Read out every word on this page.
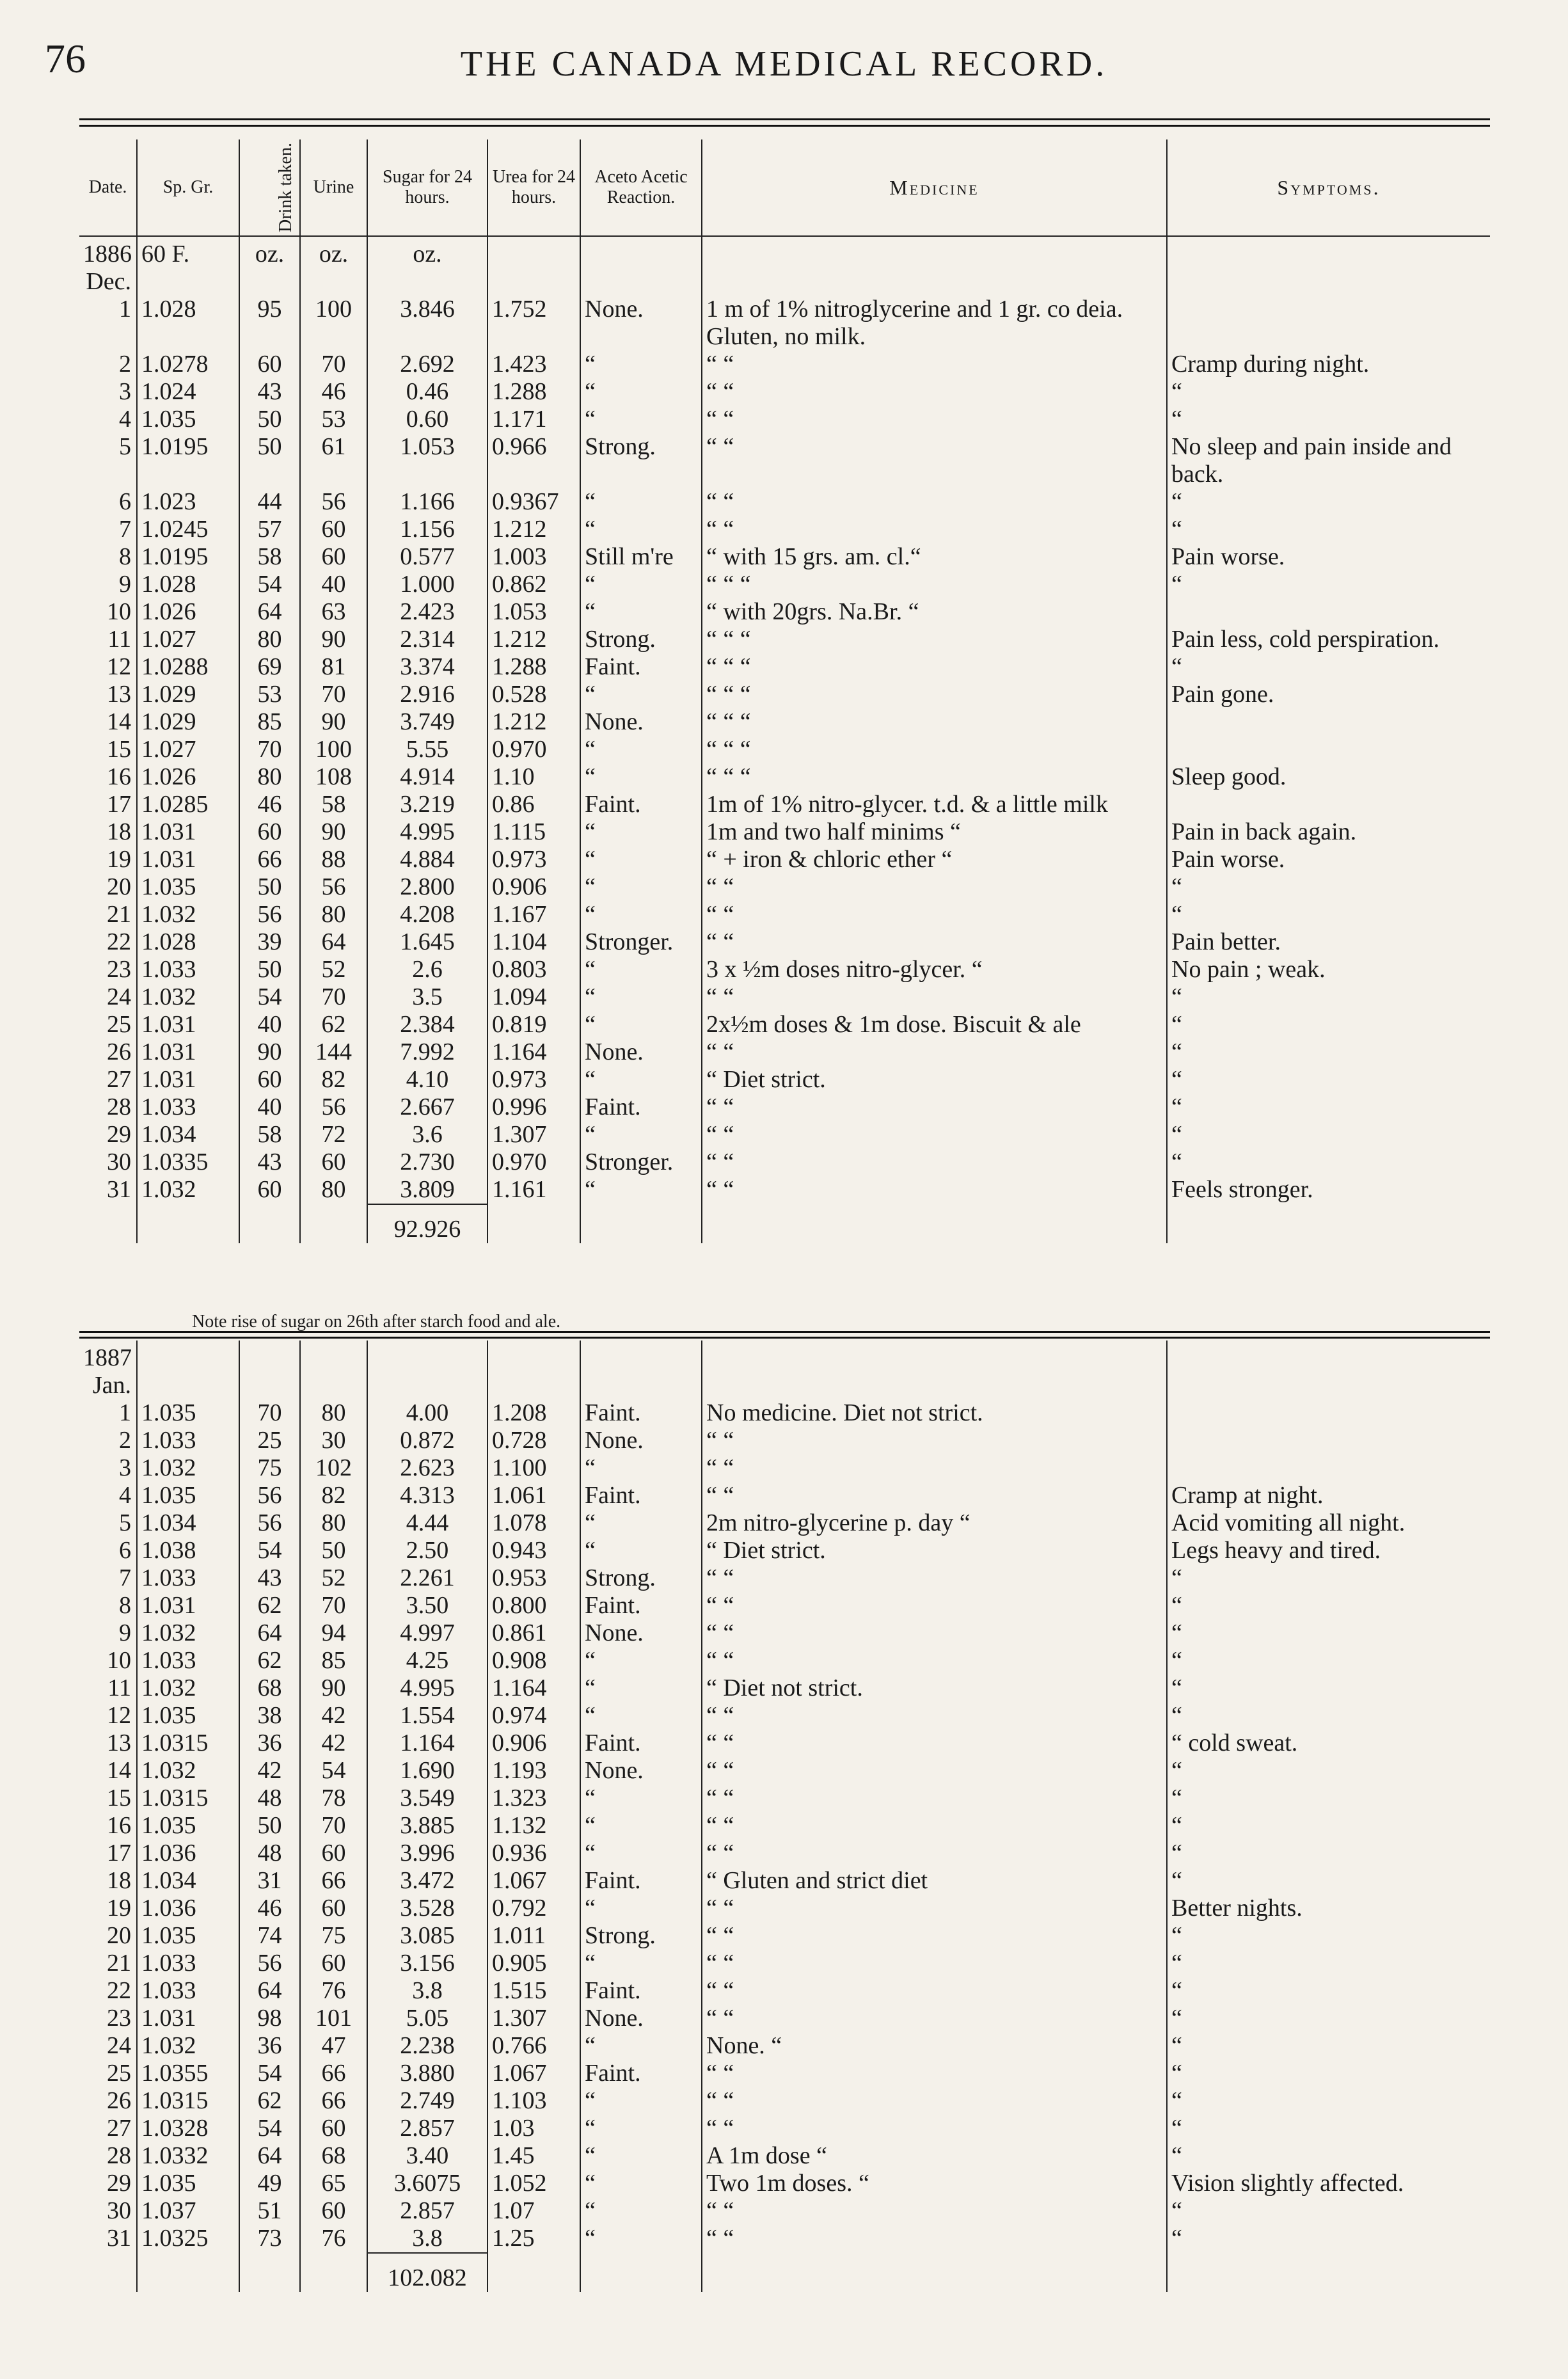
76	THE CANADA MEDICAL RECORD.
Date.	Sp. Gr.	Drink taken.	Urine	Sugar for 24 hours.	Urea for 24 hours.	Aceto Acetic Reaction.	Medicine	Symptoms.
1886	60 F.	oz.	oz.	oz.				
Dec.								
1	1.028	95	100	3.846	1.752	None.	1 m of 1% nitroglycerine and 1 gr. co deia. Gluten, no milk.	
2	1.0278	60	70	2.692	1.423	“	“ “	Cramp during night.
3	1.024	43	46	0.46	1.288	“	“ “	“
4	1.035	50	53	0.60	1.171	“	“ “	“
5	1.0195	50	61	1.053	0.966	Strong.	“ “	No sleep and pain inside and back.
6	1.023	44	56	1.166	0.9367	“	“ “	“
7	1.0245	57	60	1.156	1.212	“	“ “	“
8	1.0195	58	60	0.577	1.003	Still m're	“ with 15 grs. am. cl.“	Pain worse.
9	1.028	54	40	1.000	0.862	“	“ “ “	“
10	1.026	64	63	2.423	1.053	“	“ with 20grs. Na.Br. “	
11	1.027	80	90	2.314	1.212	Strong.	“ “ “	Pain less, cold perspiration.
12	1.0288	69	81	3.374	1.288	Faint.	“ “ “	“
13	1.029	53	70	2.916	0.528	“	“ “ “	Pain gone.
14	1.029	85	90	3.749	1.212	None.	“ “ “	
15	1.027	70	100	5.55	0.970	“	“ “ “	
16	1.026	80	108	4.914	1.10	“	“ “ “	Sleep good.
17	1.0285	46	58	3.219	0.86	Faint.	1m of 1% nitro-glycer. t.d. & a little milk	
18	1.031	60	90	4.995	1.115	“	1m and two half minims “	Pain in back again.
19	1.031	66	88	4.884	0.973	“	“ + iron & chloric ether “	Pain worse.
20	1.035	50	56	2.800	0.906	“	“ “	“
21	1.032	56	80	4.208	1.167	“	“ “	“
22	1.028	39	64	1.645	1.104	Stronger.	“ “	Pain better.
23	1.033	50	52	2.6	0.803	“	3 x ½m doses nitro-glycer. “	No pain ; weak.
24	1.032	54	70	3.5	1.094	“	“ “	“
25	1.031	40	62	2.384	0.819	“	2x½m doses & 1m dose. Biscuit & ale	“
26	1.031	90	144	7.992	1.164	None.	“ “	“
27	1.031	60	82	4.10	0.973	“	“ Diet strict.	“
28	1.033	40	56	2.667	0.996	Faint.	“ “	“
29	1.034	58	72	3.6	1.307	“	“ “	“
30	1.0335	43	60	2.730	0.970	Stronger.	“ “	“
31	1.032	60	80	3.809	1.161	“	“ “	Feels stronger.
				92.926				
Note rise of sugar on 26th after starch food and ale.
1887								
Jan.								
1	1.035	70	80	4.00	1.208	Faint.	No medicine. Diet not strict.	
2	1.033	25	30	0.872	0.728	None.	“ “	
3	1.032	75	102	2.623	1.100	“	“ “	
4	1.035	56	82	4.313	1.061	Faint.	“ “	Cramp at night.
5	1.034	56	80	4.44	1.078	“	2m nitro-glycerine p. day “	Acid vomiting all night.
6	1.038	54	50	2.50	0.943	“	“ Diet strict.	Legs heavy and tired.
7	1.033	43	52	2.261	0.953	Strong.	“ “	“
8	1.031	62	70	3.50	0.800	Faint.	“ “	“
9	1.032	64	94	4.997	0.861	None.	“ “	“
10	1.033	62	85	4.25	0.908	“	“ “	“
11	1.032	68	90	4.995	1.164	“	“ Diet not strict.	“
12	1.035	38	42	1.554	0.974	“	“ “	“
13	1.0315	36	42	1.164	0.906	Faint.	“ “	“ cold sweat.
14	1.032	42	54	1.690	1.193	None.	“ “	“
15	1.0315	48	78	3.549	1.323	“	“ “	“
16	1.035	50	70	3.885	1.132	“	“ “	“
17	1.036	48	60	3.996	0.936	“	“ “	“
18	1.034	31	66	3.472	1.067	Faint.	“ Gluten and strict diet	“
19	1.036	46	60	3.528	0.792	“	“ “	Better nights.
20	1.035	74	75	3.085	1.011	Strong.	“ “	“
21	1.033	56	60	3.156	0.905	“	“ “	“
22	1.033	64	76	3.8	1.515	Faint.	“ “	“
23	1.031	98	101	5.05	1.307	None.	“ “	“
24	1.032	36	47	2.238	0.766	“	None. “	“
25	1.0355	54	66	3.880	1.067	Faint.	“ “	“
26	1.0315	62	66	2.749	1.103	“	“ “	“
27	1.0328	54	60	2.857	1.03	“	“ “	“
28	1.0332	64	68	3.40	1.45	“	A 1m dose “	“
29	1.035	49	65	3.6075	1.052	“	Two 1m doses. “	Vision slightly affected.
30	1.037	51	60	2.857	1.07	“	“ “	“
31	1.0325	73	76	3.8	1.25	“	“ “	“
				102.082				
